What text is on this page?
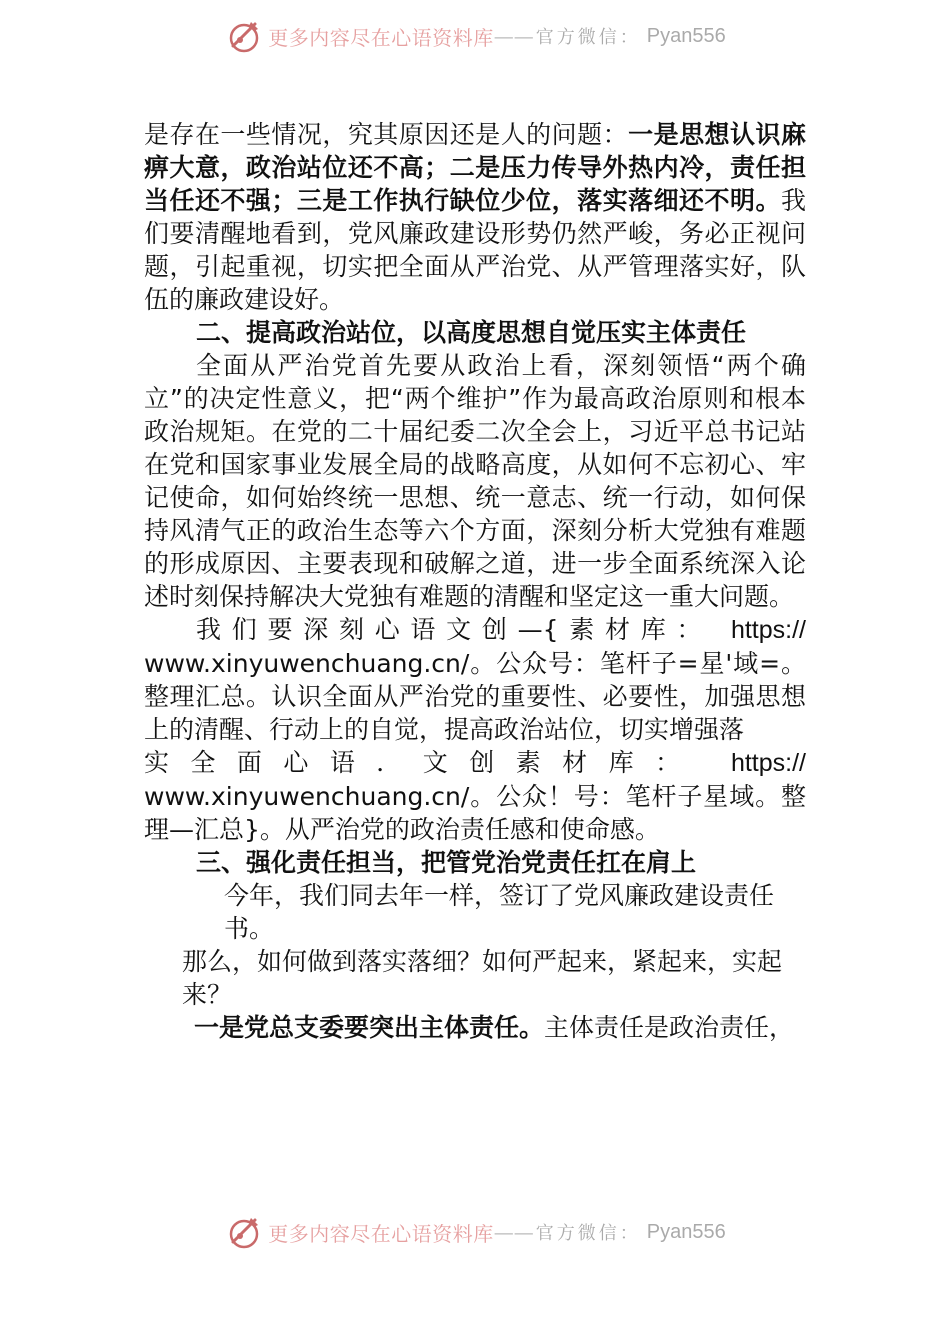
更多内容尽在心语资料库 —— 官方微信： Pyan556

是存在一些情况，究其原因还是人的问题：一是思想认识麻痹大意，政治站位还不高；二是压力传导外热内冷，责任担当任还不强；三是工作执行缺位少位，落实落细还不明。我们要清醒地看到，党风廉政建设形势仍然严峻，务必正视问题，引起重视，切实把全面从严治党、从严管理落实好，队伍的廉政建设好。

二、提高政治站位，以高度思想自觉压实主体责任

全面从严治党首先要从政治上看，深刻领悟“两个确立”的决定性意义，把“两个维护”作为最高政治原则和根本政治规矩。在党的二十届纪委二次全会上，习近平总书记站在党和国家事业发展全局的战略高度，从如何不忘初心、牢记使命，如何始终统一思想、统一意志、统一行动，如何保持风清气正的政治生态等六个方面，深刻分析大党独有难题的形成原因、主要表现和破解之道，进一步全面系统深入论述时刻保持解决大党独有难题的清醒和坚定这一重大问题。

我们要深刻心语文创—{素材库： https://

www.xinyuwenchuang.cn/。公众号：笔杆子=星'域=。整理汇总。认识全面从严治党的重要性、必要性，加强思想上的清醒、行动上的自觉，提高政治站位，切实增强落

实全面心语．文创素材库： https://

www.xinyuwenchuang.cn/。公众！号：笔杆子星域。整理—汇总}。从严治党的政治责任感和使命感。

三、强化责任担当，把管党治党责任扛在肩上

今年，我们同去年一样，签订了党风廉政建设责任书。

那么，如何做到落实落细？如何严起来，紧起来，实起来？

一是党总支委要突出主体责任。主体责任是政治责任，

更多内容尽在心语资料库 —— 官方微信： Pyan556
